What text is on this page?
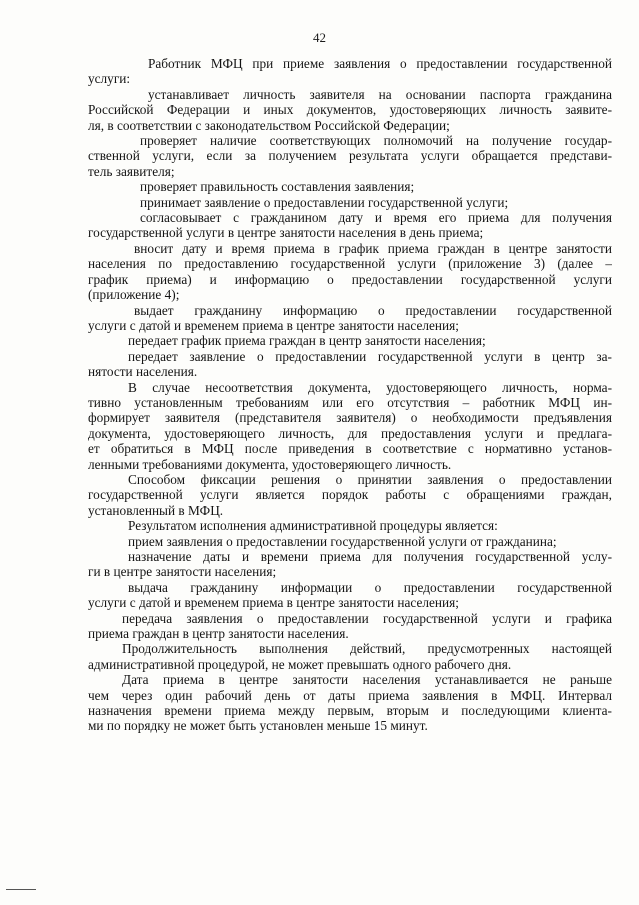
42
Работник МФЦ при приеме заявления о предоставлении государственной
услуги:
устанавливает личность заявителя на основании паспорта гражданина
Российской Федерации и иных документов, удостоверяющих личность заявите-
ля, в соответствии с законодательством Российской Федерации;
проверяет наличие соответствующих полномочий на получение государ-
ственной услуги, если за получением результата услуги обращается представи-
тель заявителя;
проверяет правильность составления заявления;
принимает заявление о предоставлении государственной услуги;
согласовывает с гражданином дату и время его приема для получения
государственной услуги в центре занятости населения в день приема;
вносит дату и время приема в график приема граждан в центре занятости
населения по предоставлению государственной услуги (приложение 3) (далее –
график приема) и информацию о предоставлении государственной услуги
(приложение 4);
выдает гражданину информацию о предоставлении государственной
услуги с датой и временем приема в центре занятости населения;
передает график приема граждан в центр занятости населения;
передает заявление о предоставлении государственной услуги в центр за-
нятости населения.
В случае несоответствия документа, удостоверяющего личность, норма-
тивно установленным требованиям или его отсутствия – работник МФЦ ин-
формирует заявителя (представителя заявителя) о необходимости предъявления
документа, удостоверяющего личность, для предоставления услуги и предлага-
ет обратиться в МФЦ после приведения в соответствие с нормативно установ-
ленными требованиями документа, удостоверяющего личность.
Способом фиксации решения о принятии заявления о предоставлении
государственной услуги является порядок работы с обращениями граждан,
установленный в МФЦ.
Результатом исполнения административной процедуры является:
прием заявления о предоставлении государственной услуги от гражданина;
назначение даты и времени приема для получения государственной услу-
ги в центре занятости населения;
выдача гражданину информации о предоставлении государственной
услуги с датой и временем приема в центре занятости населения;
передача заявления о предоставлении государственной услуги и графика
приема граждан в центр занятости населения.
Продолжительность выполнения действий, предусмотренных настоящей
административной процедурой, не может превышать одного рабочего дня.
Дата приема в центре занятости населения устанавливается не раньше
чем через один рабочий день от даты приема заявления в МФЦ. Интервал
назначения времени приема между первым, вторым и последующими клиента-
ми по порядку не может быть установлен меньше 15 минут.
